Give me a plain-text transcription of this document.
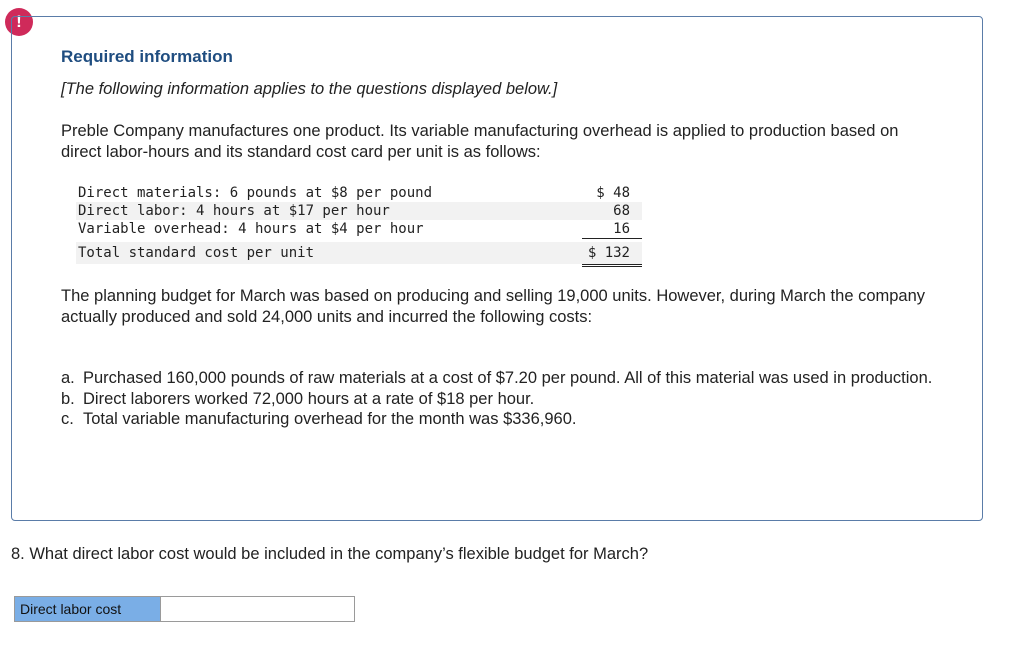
!
Required information

[The following information applies to the questions displayed below.]

Preble Company manufactures one product. Its variable manufacturing overhead is applied to production based on direct labor-hours and its standard cost card per unit is as follows:

Direct materials: 6 pounds at $8 per pound	$ 48
Direct labor: 4 hours at $17 per hour	68
Variable overhead: 4 hours at $4 per hour	16
Total standard cost per unit	$ 132

The planning budget for March was based on producing and selling 19,000 units. However, during March the company actually produced and sold 24,000 units and incurred the following costs:

a. Purchased 160,000 pounds of raw materials at a cost of $7.20 per pound. All of this material was used in production.
b. Direct laborers worked 72,000 hours at a rate of $18 per hour.
c. Total variable manufacturing overhead for the month was $336,960.

8. What direct labor cost would be included in the company’s flexible budget for March?

Direct labor cost
